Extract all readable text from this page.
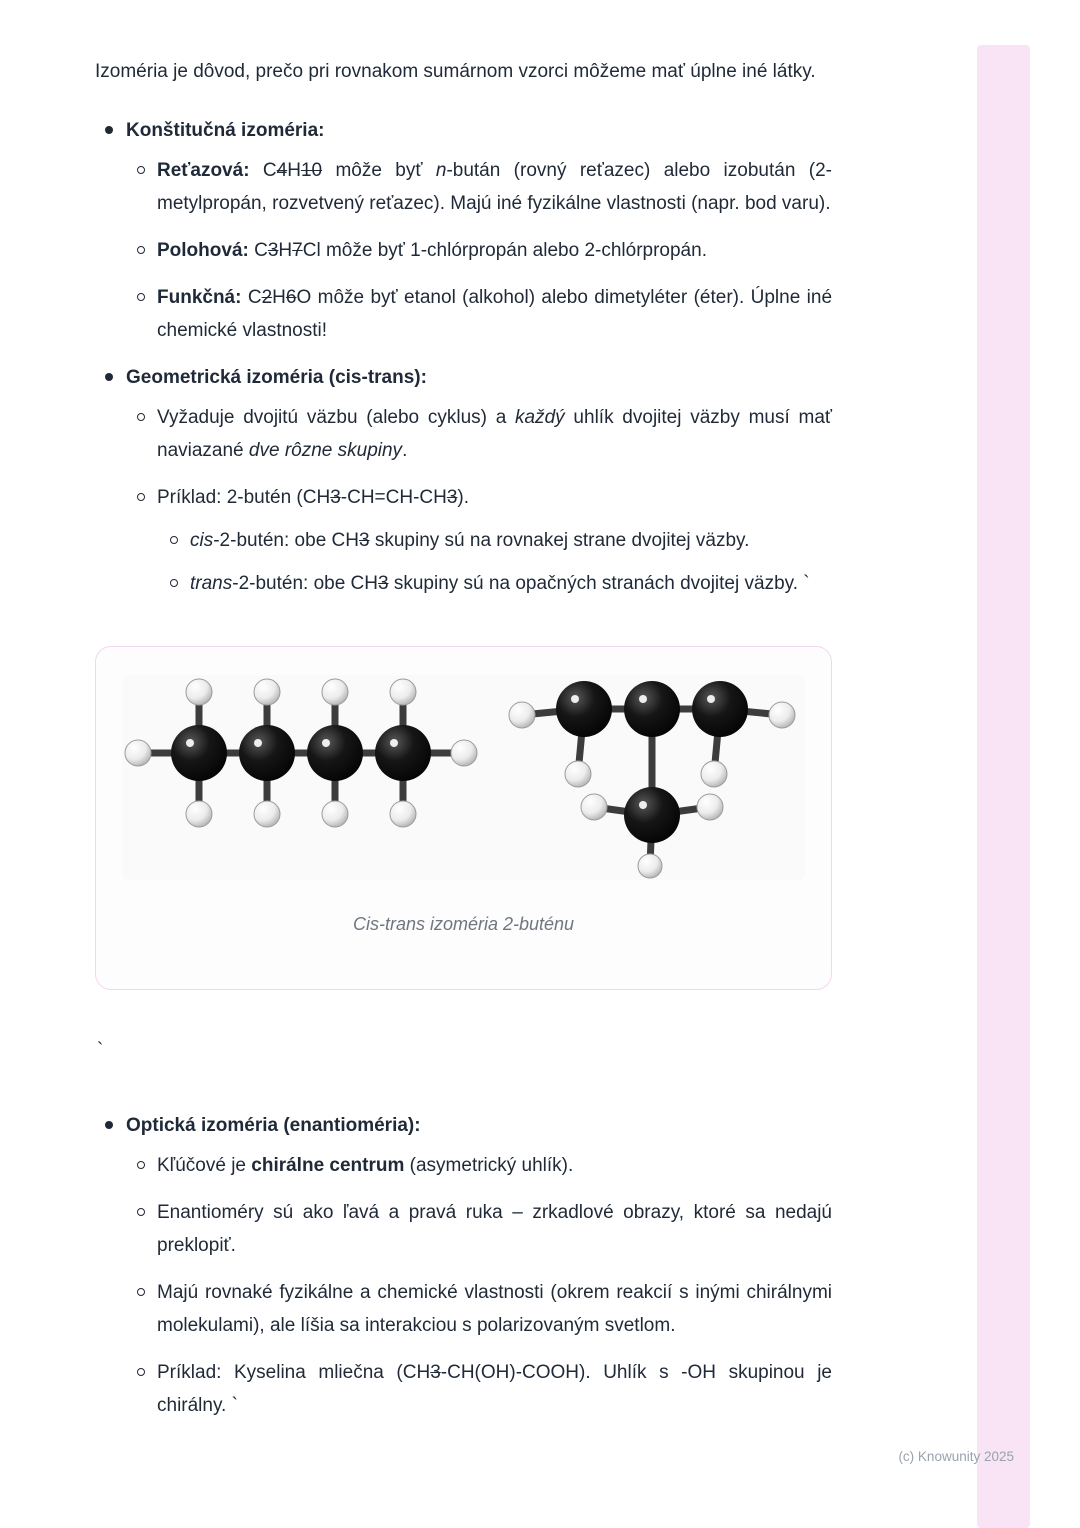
Izoméria je dôvod, prečo pri rovnakom sumárnom vzorci môžeme mať úplne iné látky.

Konštitučná izoméria:
Reťazová: C4H10 môže byť n-bután (rovný reťazec) alebo izobután (2-metylpropán, rozvetvený reťazec). Majú iné fyzikálne vlastnosti (napr. bod varu).
Polohová: C3H7Cl môže byť 1-chlórpropán alebo 2-chlórpropán.
Funkčná: C2H6O môže byť etanol (alkohol) alebo dimetyléter (éter). Úplne iné chemické vlastnosti!
Geometrická izoméria (cis-trans):
Vyžaduje dvojitú väzbu (alebo cyklus) a každý uhlík dvojitej väzby musí mať naviazané dve rôzne skupiny.
Príklad: 2-butén (CH3-CH=CH-CH3).
cis-2-butén: obe CH3 skupiny sú na rovnakej strane dvojitej väzby.
trans-2-butén: obe CH3 skupiny sú na opačných stranách dvojitej väzby. `
Cis-trans izoméria 2-buténu
`
Optická izoméria (enantioméria):
Kľúčové je chirálne centrum (asymetrický uhlík).
Enantioméry sú ako ľavá a pravá ruka – zrkadlové obrazy, ktoré sa nedajú preklopiť.
Majú rovnaké fyzikálne a chemické vlastnosti (okrem reakcií s inými chirálnymi molekulami), ale líšia sa interakciou s polarizovaným svetlom.
Príklad: Kyselina mliečna (CH3-CH(OH)-COOH). Uhlík s -OH skupinou je chirálny. `
(c) Knowunity 2025
